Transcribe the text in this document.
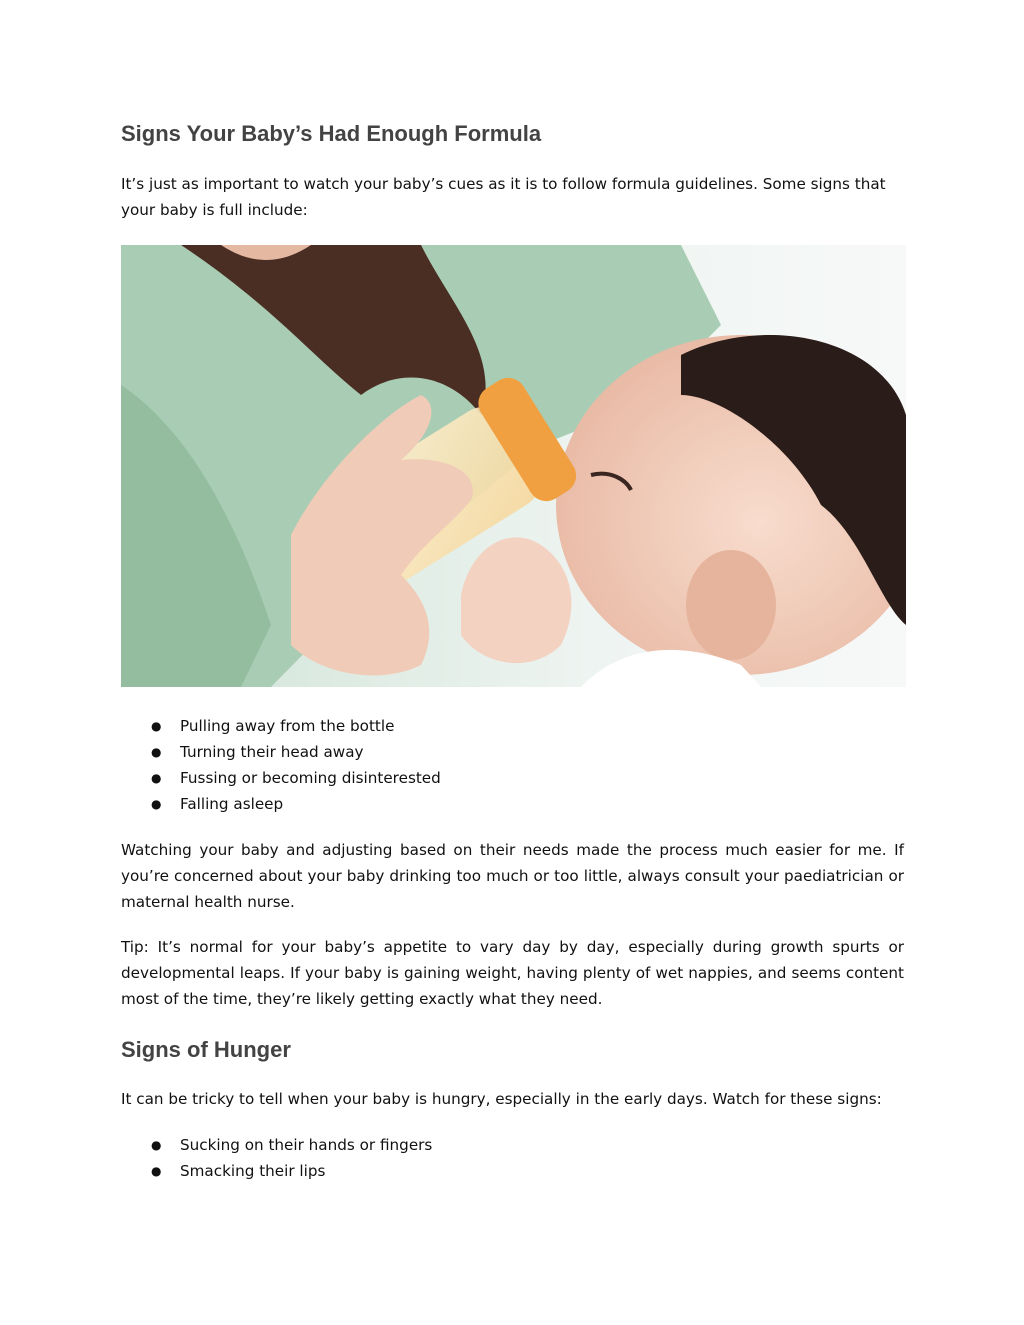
Signs Your Baby’s Had Enough Formula

It’s just as important to watch your baby’s cues as it is to follow formula guidelines. Some signs that your baby is full include:

● Pulling away from the bottle
● Turning their head away
● Fussing or becoming disinterested
● Falling asleep

Watching your baby and adjusting based on their needs made the process much easier for me. If you’re concerned about your baby drinking too much or too little, always consult your paediatrician or maternal health nurse.

Tip: It’s normal for your baby’s appetite to vary day by day, especially during growth spurts or developmental leaps. If your baby is gaining weight, having plenty of wet nappies, and seems content most of the time, they’re likely getting exactly what they need.

Signs of Hunger

It can be tricky to tell when your baby is hungry, especially in the early days. Watch for these signs:

● Sucking on their hands or fingers
● Smacking their lips
